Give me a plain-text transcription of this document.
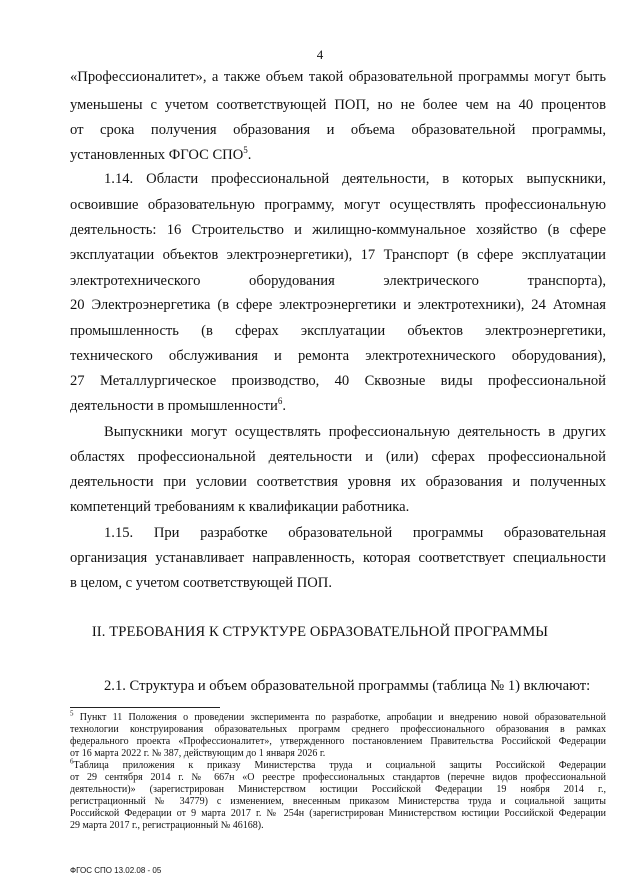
4
«Профессионалитет», а также объем такой образовательной программы могут быть
уменьшены с учетом соответствующей ПОП, но не более чем на 40 процентов
от срока получения образования и объема образовательной программы,
установленных ФГОС СПО$^5$.
1.14. Области профессиональной деятельности, в которых выпускники,
освоившие образовательную программу, могут осуществлять профессиональную
деятельность: 16 Строительство и жилищно-коммунальное хозяйство (в сфере
эксплуатации объектов электроэнергетики), 17 Транспорт (в сфере эксплуатации
электротехнического оборудования электрического транспорта),
20 Электроэнергетика (в сфере электроэнергетики и электротехники), 24 Атомная
промышленность (в сферах эксплуатации объектов электроэнергетики,
технического обслуживания и ремонта электротехнического оборудования),
27 Металлургическое производство, 40 Сквозные виды профессиональной
деятельности в промышленности$^6$.
Выпускники могут осуществлять профессиональную деятельность в других
областях профессиональной деятельности и (или) сферах профессиональной
деятельности при условии соответствия уровня их образования и полученных
компетенций требованиям к квалификации работника.
1.15. При разработке образовательной программы образовательная
организация устанавливает направленность, которая соответствует специальности
в целом, с учетом соответствующей ПОП.
II. ТРЕБОВАНИЯ К СТРУКТУРЕ ОБРАЗОВАТЕЛЬНОЙ ПРОГРАММЫ
2.1. Структура и объем образовательной программы (таблица № 1) включают:
$^5$ Пункт 11 Положения о проведении эксперимента по разработке, апробации и внедрению новой образовательной
технологии конструирования образовательных программ среднего профессионального образования в рамках
федерального проекта «Профессионалитет», утвержденного постановлением Правительства Российской Федерации
от 16 марта 2022 г. № 387, действующим до 1 января 2026 г.
$^6$Таблица приложения к приказу Министерства труда и социальной защиты Российской Федерации
от 29 сентября 2014 г. № 667н «О реестре профессиональных стандартов (перечне видов профессиональной
деятельности)» (зарегистрирован Министерством юстиции Российской Федерации 19 ноября 2014 г.,
регистрационный № 34779) с изменением, внесенным приказом Министерства труда и социальной защиты
Российской Федерации от 9 марта 2017 г. № 254н (зарегистрирован Министерством юстиции Российской Федерации
29 марта 2017 г., регистрационный № 46168).
ФГОС СПО 13.02.08 - 05
